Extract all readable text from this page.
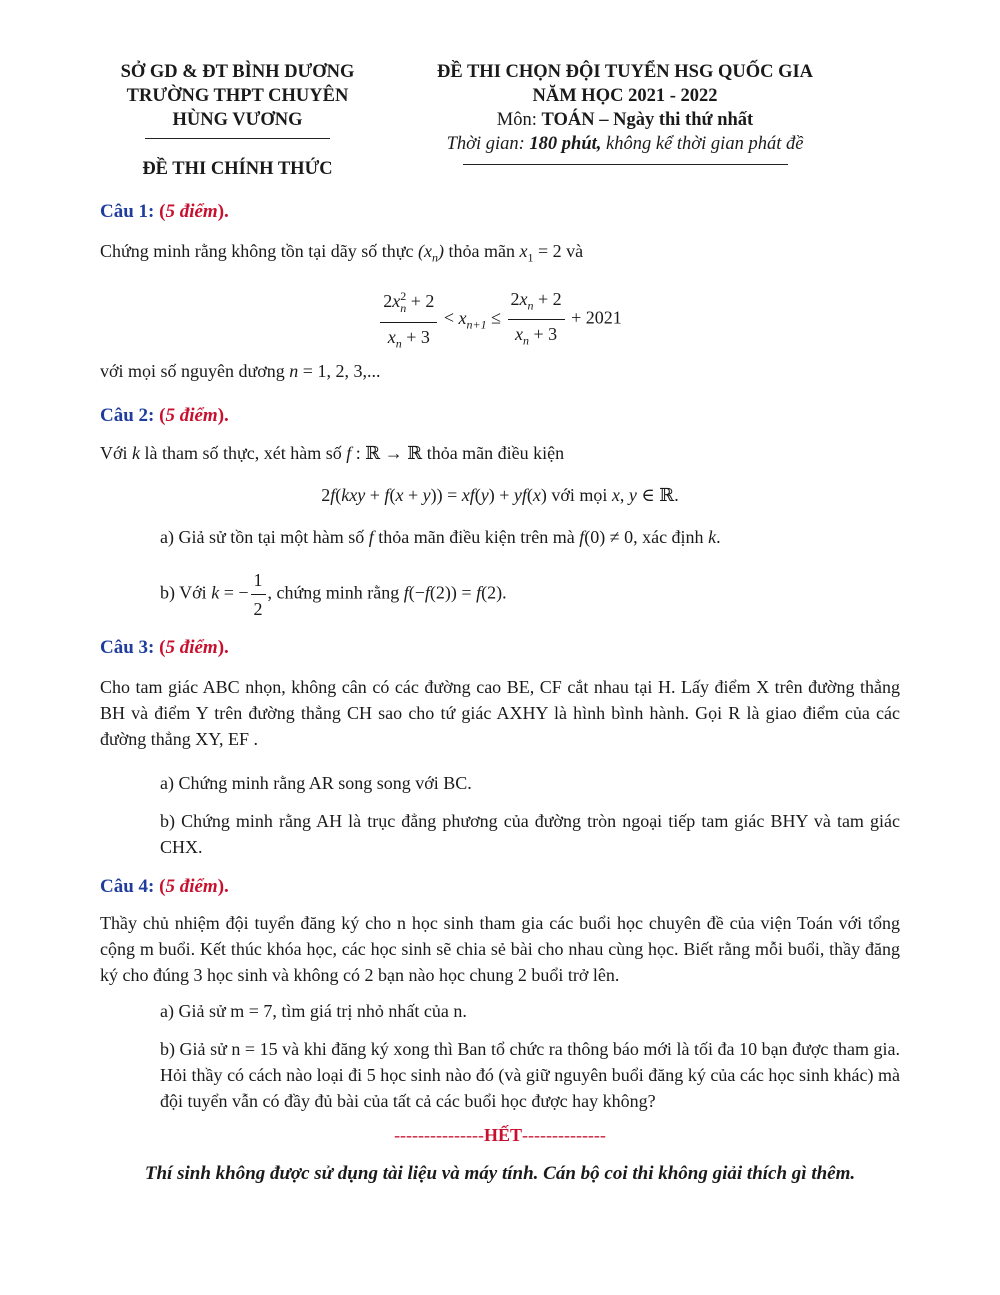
SỞ GD & ĐT BÌNH DƯƠNG
TRƯỜNG THPT CHUYÊN
HÙNG VƯƠNG
ĐỀ THI CHÍNH THỨC
ĐỀ THI CHỌN ĐỘI TUYỂN HSG QUỐC GIA
NĂM HỌC 2021 - 2022
Môn: TOÁN – Ngày thi thứ nhất
Thời gian: 180 phút, không kể thời gian phát đề
Câu 1: (5 điểm).
Chứng minh rằng không tồn tại dãy số thực $(x_n)$ thỏa mãn $x_1 = 2$ và
$\frac{2x^2_n + 2}{x_n + 3} < x_{n+1} \le \frac{2x_n + 2}{x_n + 3} + 2021$
với mọi số nguyên dương n = 1, 2, 3,...
Câu 2: (5 điểm).
Với k là tham số thực, xét hàm số f : ℝ → ℝ thỏa mãn điều kiện
2f(kxy + f(x + y)) = xf(y) + yf(x) với mọi x, y ∈ ℝ.
a) Giả sử tồn tại một hàm số f thỏa mãn điều kiện trên mà f(0) ≠ 0, xác định k.
b) Với k = − $\frac{1}{2}$ , chứng minh rằng f(−f(2)) = f(2).
Câu 3: (5 điểm).
Cho tam giác ABC nhọn, không cân có các đường cao BE, CF cắt nhau tại H. Lấy điểm X trên đường thẳng BH và điểm Y trên đường thẳng CH sao cho tứ giác AXHY là hình bình hành. Gọi R là giao điểm của các đường thẳng XY, EF .
a) Chứng minh rằng AR song song với BC.
b) Chứng minh rằng AH là trục đẳng phương của đường tròn ngoại tiếp tam giác BHY và tam giác CHX.
Câu 4: (5 điểm).
Thầy chủ nhiệm đội tuyển đăng ký cho n học sinh tham gia các buổi học chuyên đề của viện Toán với tổng cộng m buổi. Kết thúc khóa học, các học sinh sẽ chia sẻ bài cho nhau cùng học. Biết rằng mỗi buổi, thầy đăng ký cho đúng 3 học sinh và không có 2 bạn nào học chung 2 buổi trở lên.
a) Giả sử m = 7, tìm giá trị nhỏ nhất của n.
b) Giả sử n = 15 và khi đăng ký xong thì Ban tổ chức ra thông báo mới là tối đa 10 bạn được tham gia. Hỏi thầy có cách nào loại đi 5 học sinh nào đó (và giữ nguyên buổi đăng ký của các học sinh khác) mà đội tuyển vẫn có đầy đủ bài của tất cả các buổi học được hay không?
---------------HẾT--------------
Thí sinh không được sử dụng tài liệu và máy tính. Cán bộ coi thi không giải thích gì thêm.
